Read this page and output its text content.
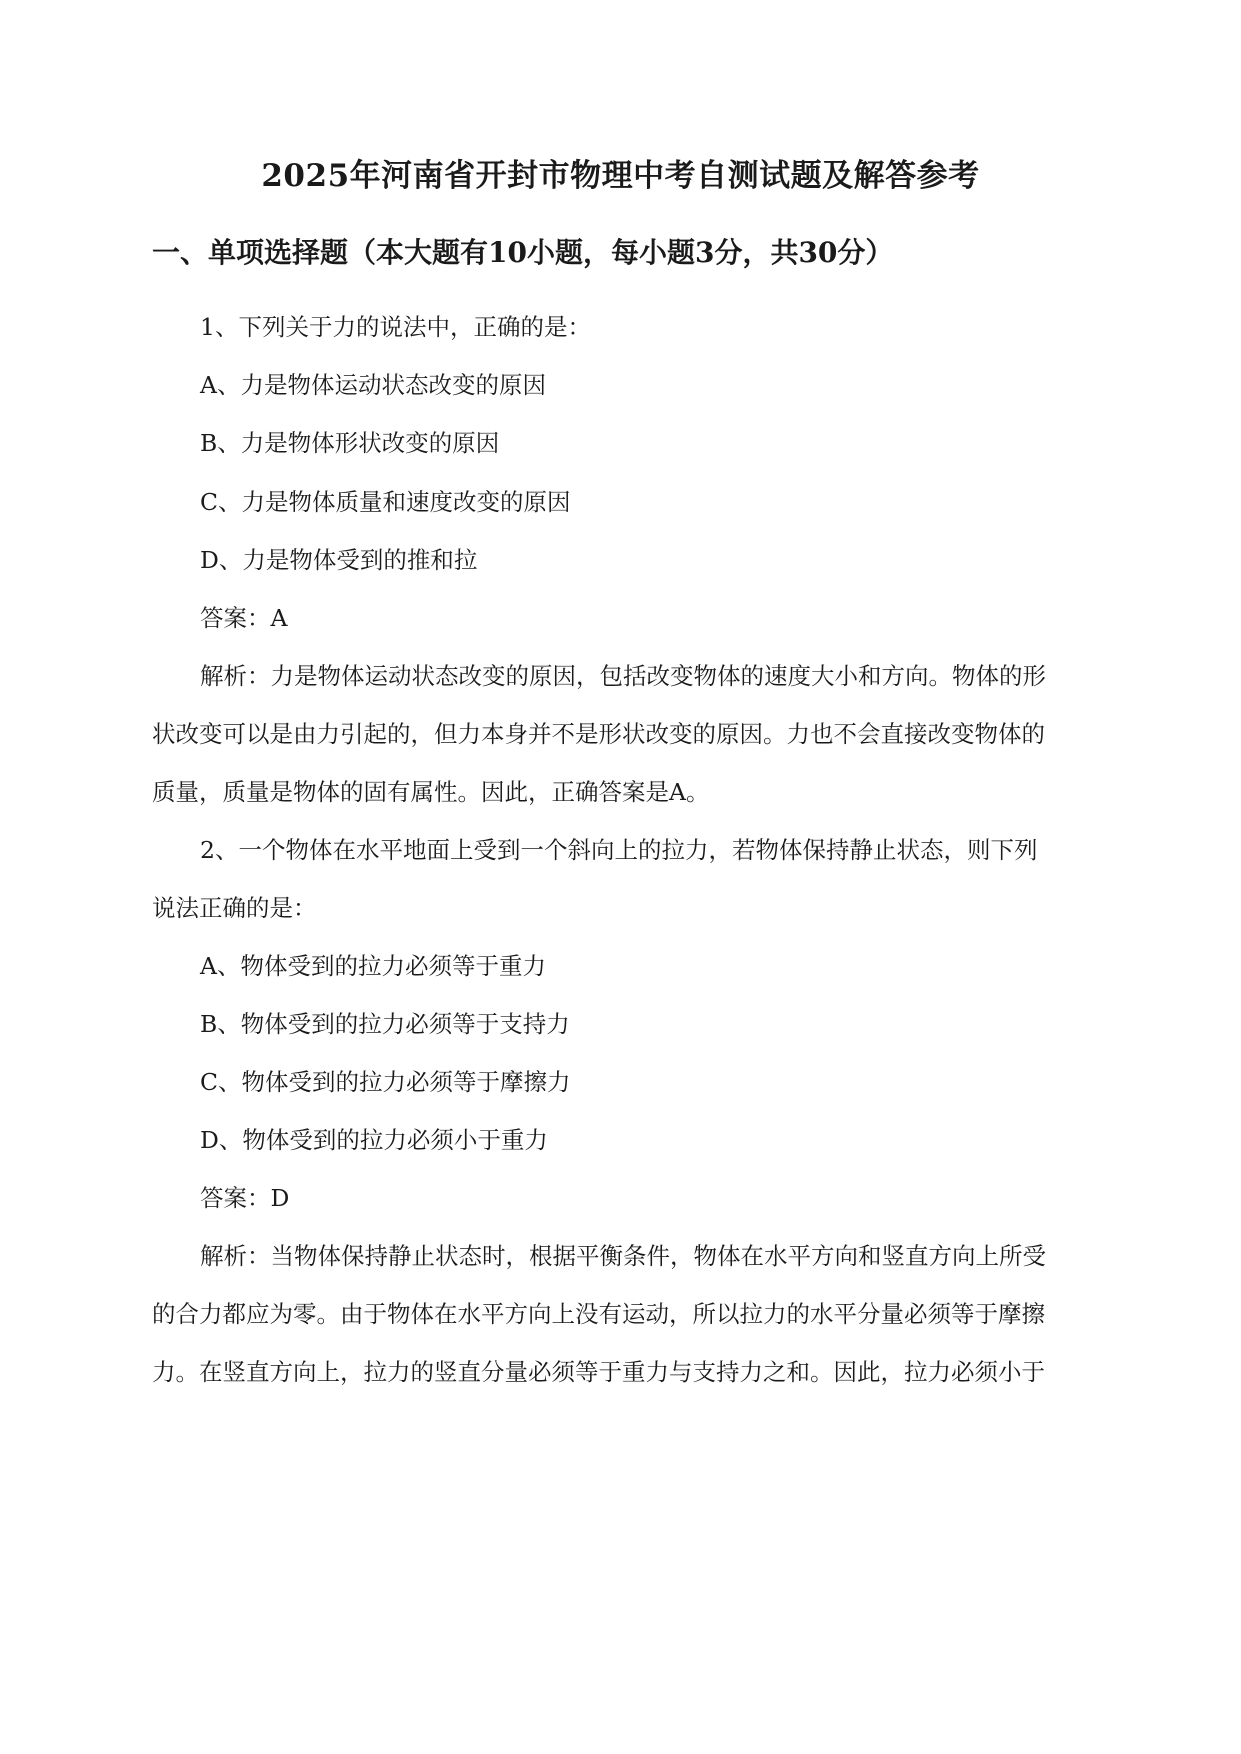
2025年河南省开封市物理中考自测试题及解答参考
一、单项选择题（本大题有10小题，每小题3分，共30分）

1、下列关于力的说法中，正确的是：

A、力是物体运动状态改变的原因

B、力是物体形状改变的原因

C、力是物体质量和速度改变的原因

D、力是物体受到的推和拉

答案：A

解析：力是物体运动状态改变的原因，包括改变物体的速度大小和方向。物体的形

状改变可以是由力引起的，但力本身并不是形状改变的原因。力也不会直接改变物体的

质量，质量是物体的固有属性。因此，正确答案是A。

2、一个物体在水平地面上受到一个斜向上的拉力，若物体保持静止状态，则下列

说法正确的是：

A、物体受到的拉力必须等于重力

B、物体受到的拉力必须等于支持力

C、物体受到的拉力必须等于摩擦力

D、物体受到的拉力必须小于重力

答案：D

解析：当物体保持静止状态时，根据平衡条件，物体在水平方向和竖直方向上所受

的合力都应为零。由于物体在水平方向上没有运动，所以拉力的水平分量必须等于摩擦

力。在竖直方向上，拉力的竖直分量必须等于重力与支持力之和。因此，拉力必须小于
